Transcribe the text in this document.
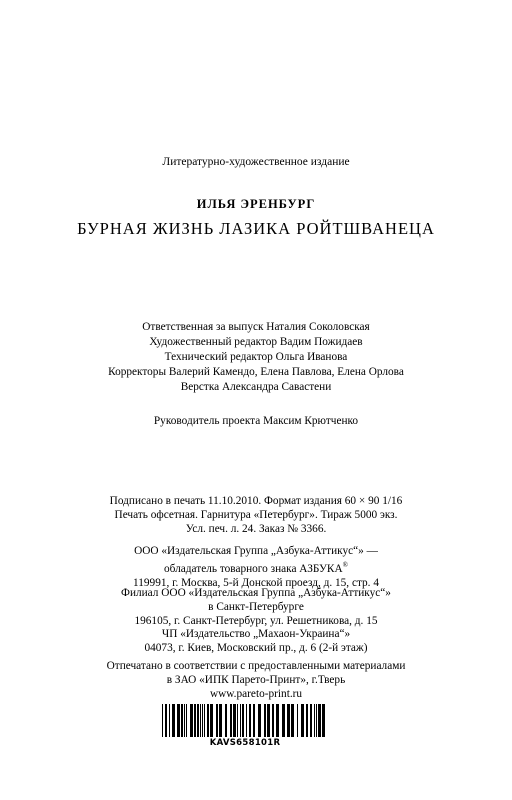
Литературно-художественное издание
ИЛЬЯ ЭРЕНБУРГ
БУРНАЯ ЖИЗНЬ ЛАЗИКА РОЙТШВАНЕЦА
Ответственная за выпуск Наталия Соколовская
Художественный редактор Вадим Пожидаев
Технический редактор Ольга Иванова
Корректоры Валерий Камендо, Елена Павлова, Елена Орлова
Верстка Александра Савастени
Руководитель проекта Максим Крютченко
Подписано в печать 11.10.2010. Формат издания 60 × 90 1/16
Печать офсетная. Гарнитура «Петербург». Тираж 5000 экз.
Усл. печ. л. 24. Заказ № 3366.
ООО «Издательская Группа „Азбука-Аттикус“» —
обладатель товарного знака АЗБУКА®
119991, г. Москва, 5-й Донской проезд, д. 15, стр. 4
Филиал ООО «Издательская Группа „Азбука-Аттикус“»
в Санкт-Петербурге
196105, г. Санкт-Петербург, ул. Решетникова, д. 15
ЧП «Издательство „Махаон-Украина“»
04073, г. Киев, Московский пр., д. 6 (2-й этаж)
Отпечатано в соответствии с предоставленными материалами
в ЗАО «ИПК Парето-Принт», г.Тверь
www.pareto-print.ru
KAVS658101R
